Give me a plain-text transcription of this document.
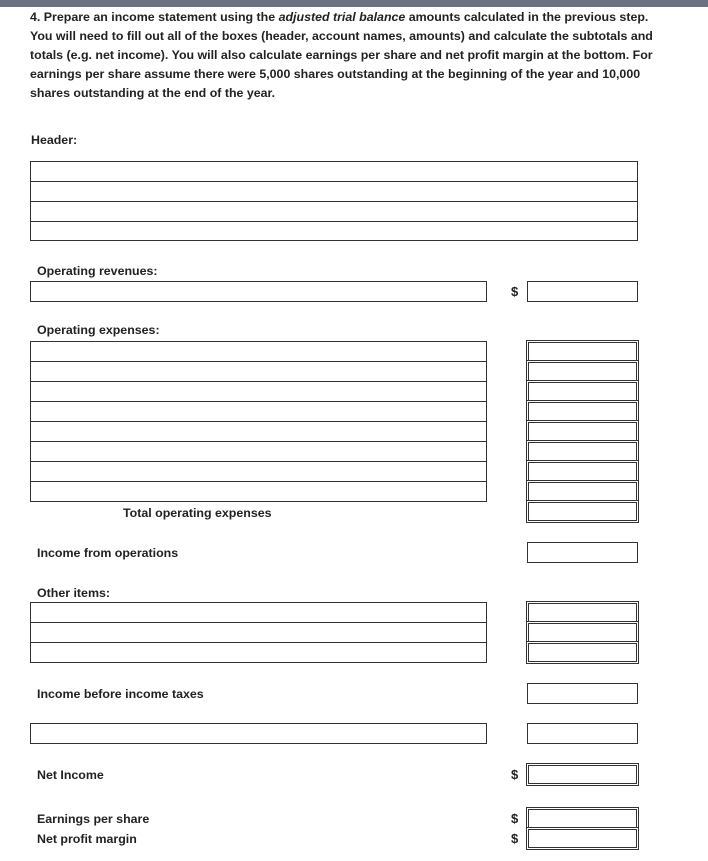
4. Prepare an income statement using the adjusted trial balance amounts calculated in the previous step. You will need to fill out all of the boxes (header, account names, amounts) and calculate the subtotals and totals (e.g. net income). You will also calculate earnings per share and net profit margin at the bottom. For earnings per share assume there were 5,000 shares outstanding at the beginning of the year and 10,000 shares outstanding at the end of the year.
Header:
Operating revenues:
$
Operating expenses:
Total operating expenses
Income from operations
Other items:
Income before income taxes
Net Income	$
Earnings per share	$
Net profit margin	$
